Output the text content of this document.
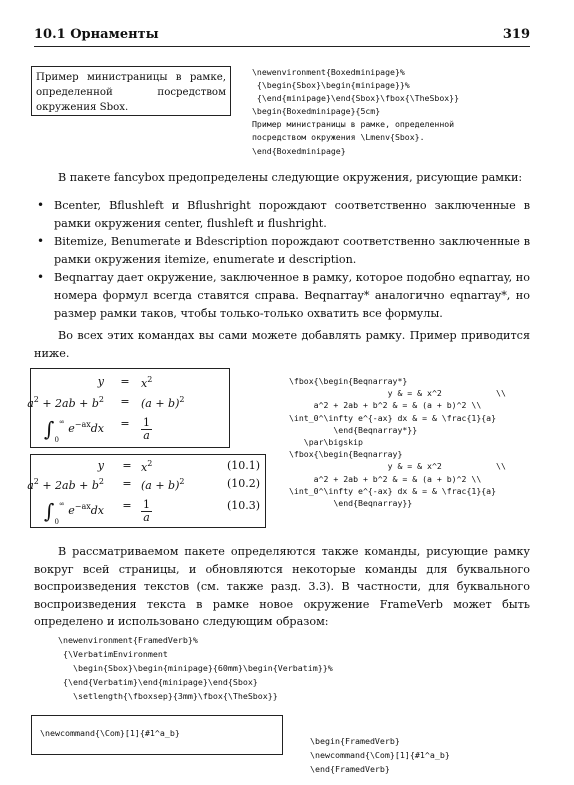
10.1 Орнаменты	319
Пример министраницы в рамке, определенной посредством окружения Sbox.
\newenvironment{Boxedminipage}%
{\begin{Sbox}\begin{minipage}}%
{\end{minipage}\end{Sbox}\fbox{\TheSbox}}
\begin{Boxedminipage}{5cm}
Пример министраницы в рамке, определенной
посредством окружения \Lmenv{Sbox}.
\end{Boxedminipage}
В пакете fancybox предопределены следующие окружения, рисующие рамки:
• Bcenter, Bflushleft и Bflushright порождают соответственно заключенные в рамки окружения center, flushleft и flushright.
• Bitemize, Benumerate и Bdescription порождают соответственно заключенные в рамки окружения itemize, enumerate и description.
• Beqnarray дает окружение, заключенное в рамку, которое подобно eqnarray, но номера формул всегда ставятся справа. Beqnarray* аналогично eqnarray*, но размер рамки таков, чтобы только-только охватить все формулы.
Во всех этих командах вы сами можете добавлять рамку. Пример приводится ниже.
y	=	$x^2$
$a^2 + 2ab + b^2$	=	$(a + b)^2$
$\int_0^\infty$ $e^{-ax}dx$	=	$\frac{1}{a}$
y	= $x^2$	(10.1)
$a^2 + 2ab + b^2$	= $(a + b)^2$	(10.2)
$\int_0^\infty$ $e^{-ax}dx$	= $\frac{1}{a}$	(10.3)
\fbox{\begin{Beqnarray*}
y & = & x^2           \\
a^2 + 2ab + b^2 & = & (a + b)^2 \\
\int_0^\infty e^{-ax} dx & = & \frac{1}{a}
\end{Beqnarray*}}
\par\bigskip
\fbox{\begin{Beqnarray}
y & = & x^2           \\
a^2 + 2ab + b^2 & = & (a + b)^2 \\
\int_0^\infty e^{-ax} dx & = & \frac{1}{a}
\end{Beqnarray}}
В рассматриваемом пакете определяются также команды, рисующие рамку вокруг всей страницы, и обновляются некоторые команды для буквального воспроизведения текстов (см. также разд. 3.3). В частности, для буквального воспроизведения текста в рамке новое окружение FrameVerb может быть определено и использовано следующим образом:
\newenvironment{FramedVerb}%
{\VerbatimEnvironment
\begin{Sbox}\begin{minipage}{60mm}\begin{Verbatim}}%
{\end{Verbatim}\end{minipage}\end{Sbox}
\setlength{\fboxsep}{3mm}\fbox{\TheSbox}}
\newcommand{\Com}[1]{#1^a_b}
\begin{FramedVerb}
\newcommand{\Com}[1]{#1^a_b}
\end{FramedVerb}
